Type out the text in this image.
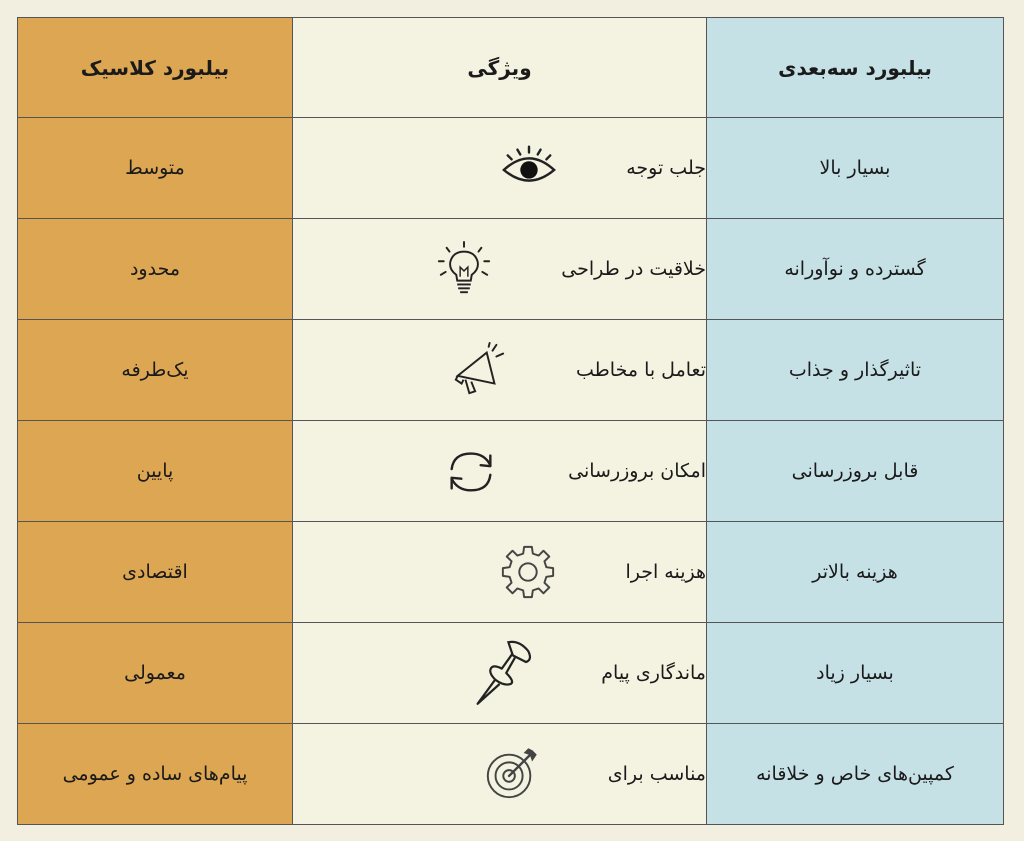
بیلبورد سه‌بعدی	ویژگی	بیلبورد کلاسیک
بسیار بالا	جلب توجه	متوسط
گسترده و نوآورانه	خلاقیت در طراحی	محدود
تاثیرگذار و جذاب	تعامل با مخاطب	یک‌طرفه
قابل بروزرسانی	امکان بروزرسانی	پایین
هزینه بالاتر	هزینه اجرا	اقتصادی
بسیار زیاد	ماندگاری پیام	معمولی
کمپین‌های خاص و خلاقانه	مناسب برای	پیام‌های ساده و عمومی
